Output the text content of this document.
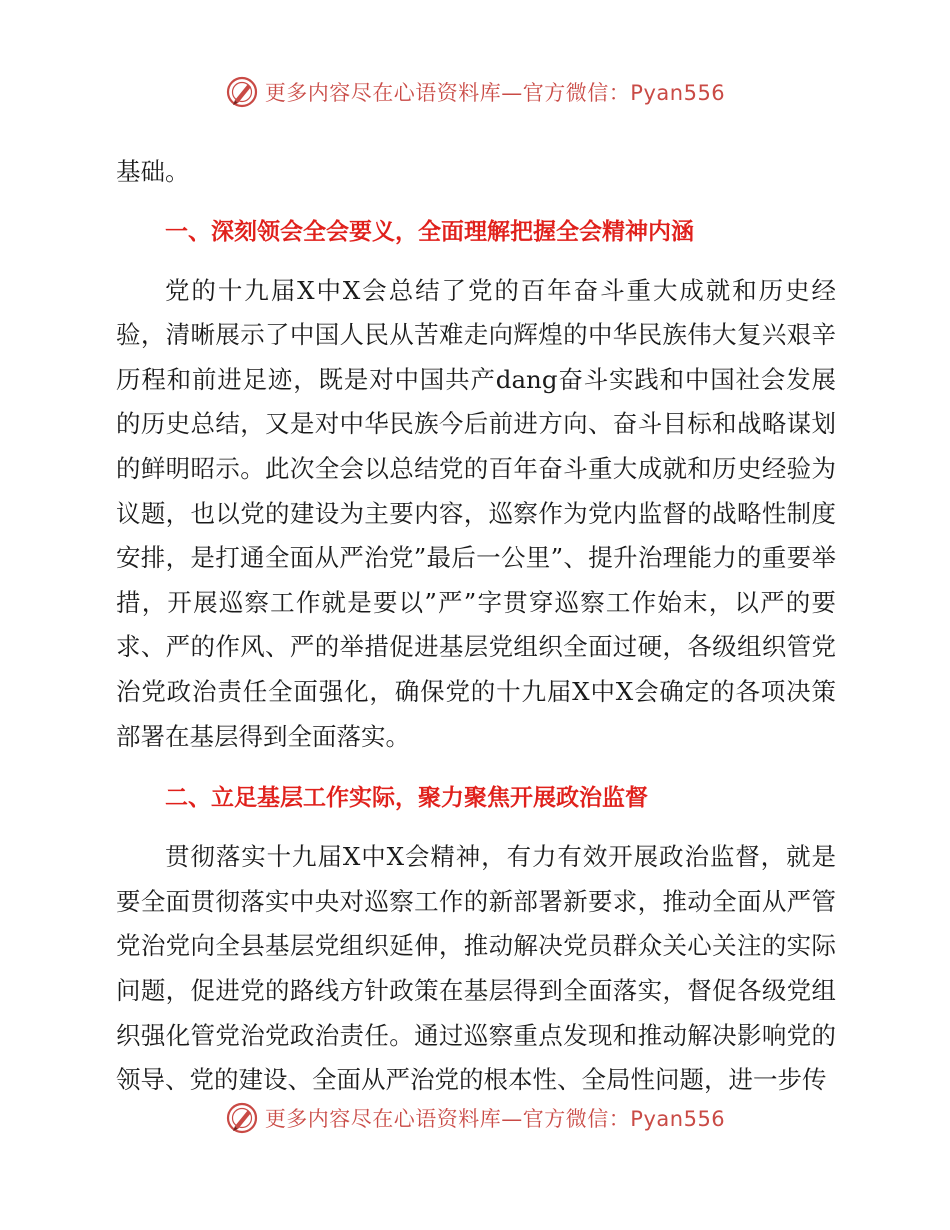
更多内容尽在心语资料库—官方微信：Pyan556

基础。

一、深刻领会全会要义，全面理解把握全会精神内涵

党的十九届X中X会总结了党的百年奋斗重大成就和历史经验，清晰展示了中国人民从苦难走向辉煌的中华民族伟大复兴艰辛历程和前进足迹，既是对中国共产dang奋斗实践和中国社会发展的历史总结，又是对中华民族今后前进方向、奋斗目标和战略谋划的鲜明昭示。此次全会以总结党的百年奋斗重大成就和历史经验为议题，也以党的建设为主要内容，巡察作为党内监督的战略性制度安排，是打通全面从严治党”最后一公里”、提升治理能力的重要举措，开展巡察工作就是要以”严”字贯穿巡察工作始末，以严的要求、严的作风、严的举措促进基层党组织全面过硬，各级组织管党治党政治责任全面强化，确保党的十九届X中X会确定的各项决策部署在基层得到全面落实。

二、立足基层工作实际，聚力聚焦开展政治监督

贯彻落实十九届X中X会精神，有力有效开展政治监督，就是要全面贯彻落实中央对巡察工作的新部署新要求，推动全面从严管党治党向全县基层党组织延伸，推动解决党员群众关心关注的实际问题，促进党的路线方针政策在基层得到全面落实，督促各级党组织强化管党治党政治责任。通过巡察重点发现和推动解决影响党的领导、党的建设、全面从严治党的根本性、全局性问题，进一步传

更多内容尽在心语资料库—官方微信：Pyan556
